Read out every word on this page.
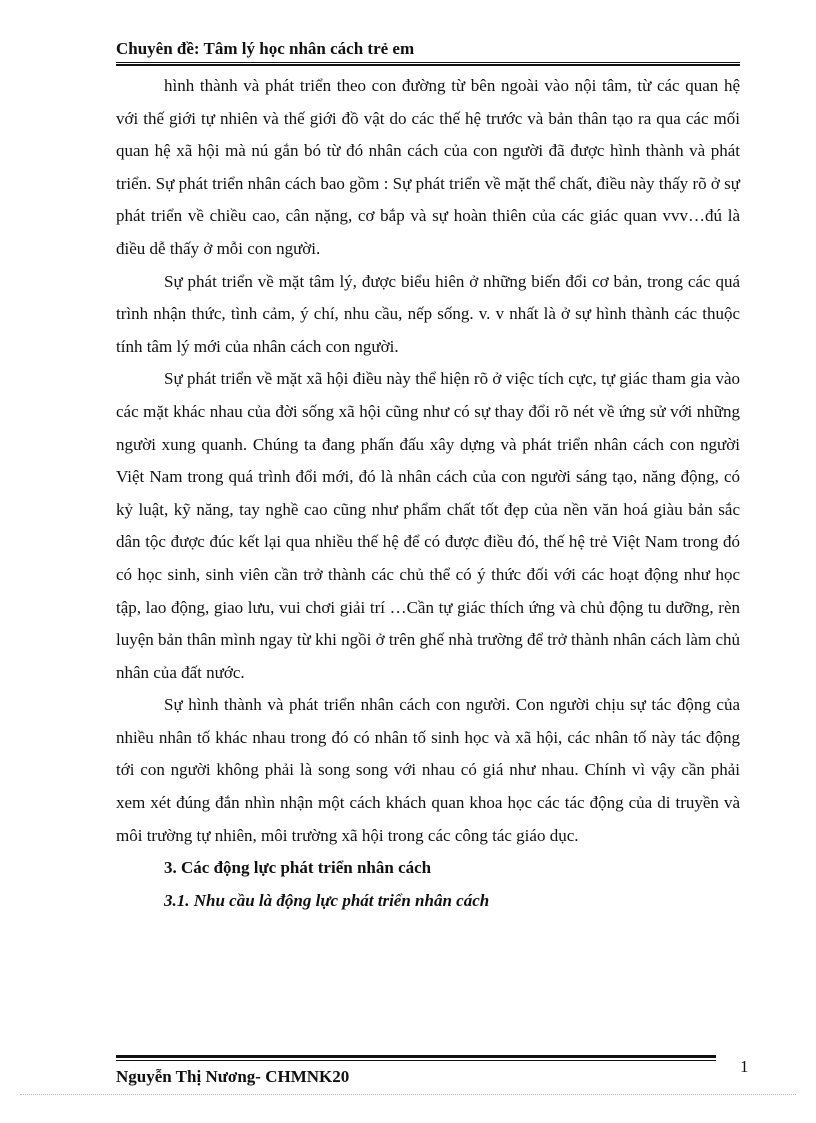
Chuyên đề: Tâm lý học nhân cách trẻ em

hình thành và phát triển theo con đường từ bên ngoài vào nội tâm, từ các quan hệ với thế giới tự nhiên và thế giới đồ vật do các thế hệ trước và bản thân tạo ra qua các mối quan hệ xã hội mà nú gắn bó từ đó nhân cách của con người đã được hình thành và phát triển. Sự phát triển nhân cách bao gồm : Sự phát triển về mặt thể chất, điều này thấy rõ ở sự phát triển về chiều cao, cân nặng, cơ bắp và sự hoàn thiên của các giác quan vvv…đú là điều dễ thấy ở mỗi con người.

Sự phát triển về mặt tâm lý, được biểu hiên ở những biến đổi cơ bản, trong các quá trình nhận thức, tình cảm, ý chí, nhu cầu, nếp sống. v. v nhất là ở sự hình thành các thuộc tính tâm lý mới của nhân cách con người.

Sự phát triển về mặt xã hội điều này thể hiện rõ ở việc tích cực, tự giác tham gia vào các mặt khác nhau của đời sống xã hội cũng như có sự thay đổi rõ nét về ứng sử với những người xung quanh. Chúng ta đang phấn đấu xây dựng và phát triển nhân cách con người Việt Nam trong quá trình đổi mới, đó là nhân cách của con người sáng tạo, năng động, có kỷ luật, kỹ năng, tay nghề cao cũng như phẩm chất tốt đẹp của nền văn hoá giàu bản sắc dân tộc được đúc kết lại qua nhiều thế hệ để có được điều đó, thế hệ trẻ Việt Nam trong đó có học sinh, sinh viên cần trở thành các chủ thể có ý thức đối với các hoạt động như học tập, lao động, giao lưu, vui chơi giải trí …Cần tự giác thích ứng và chủ động tu dưỡng, rèn luyện bản thân mình ngay từ khi ngồi ở trên ghế nhà trường để trở thành nhân cách làm chủ nhân của đất nước.

Sự hình thành và phát triển nhân cách con người. Con người chịu sự tác động của nhiều nhân tố khác nhau trong đó có nhân tố sinh học và xã hội, các nhân tố này tác động tới con người không phải là song song với nhau có giá như nhau. Chính vì vậy cần phải xem xét đúng đắn nhìn nhận một cách khách quan khoa học các tác động của di truyền và môi trường tự nhiên, môi trường xã hội trong các công tác giáo dục.

3. Các động lực phát triển nhân cách
3.1. Nhu cầu là động lực phát triển nhân cách
Nguyễn Thị Nương- CHMNK20
1
